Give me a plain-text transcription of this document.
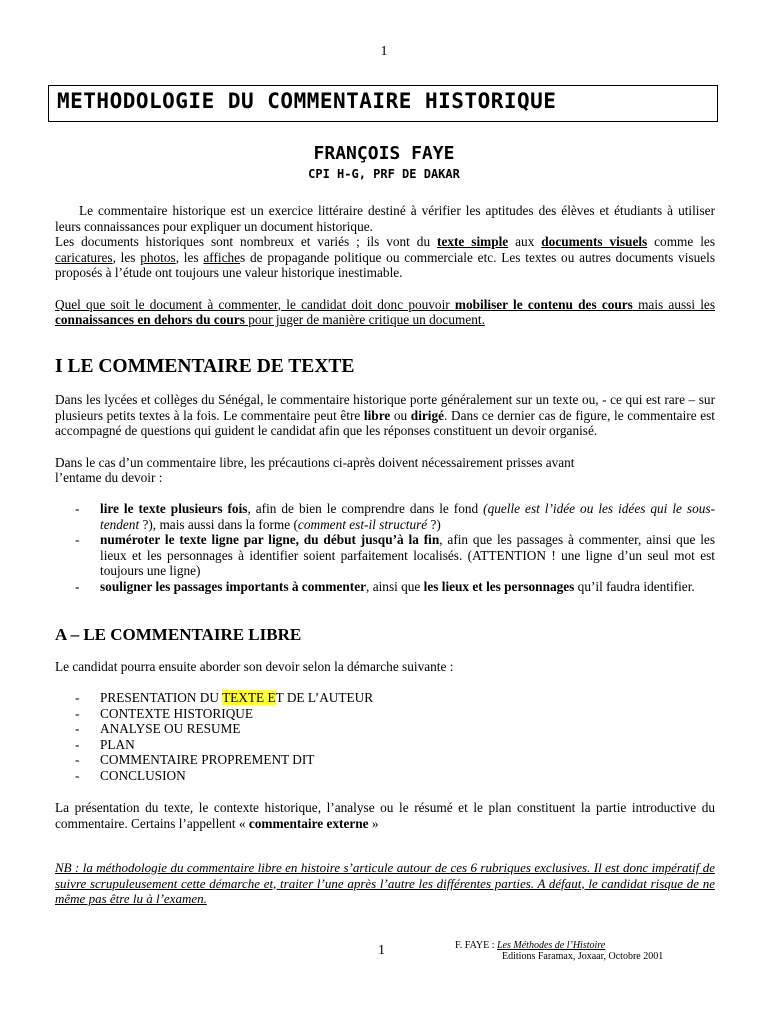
1
METHODOLOGIE DU COMMENTAIRE HISTORIQUE
FRANÇOIS FAYE
CPI H-G, PRF DE DAKAR

Le commentaire historique est un exercice littéraire destiné à vérifier les aptitudes des élèves et étudiants à utiliser leurs connaissances pour expliquer un document historique.

Les documents historiques sont nombreux et variés ; ils vont du texte simple aux documents visuels comme les caricatures, les photos, les affiches de propagande politique ou commerciale etc. Les textes ou autres documents visuels proposés à l’étude ont toujours une valeur historique inestimable.

Quel que soit le document à commenter, le candidat doit donc pouvoir mobiliser le contenu des cours mais aussi les connaissances en dehors du cours pour juger de manière critique un document.

I LE COMMENTAIRE DE TEXTE

Dans les lycées et collèges du Sénégal, le commentaire historique porte généralement sur un texte ou, - ce qui est rare – sur plusieurs petits textes à la fois. Le commentaire peut être libre ou dirigé. Dans ce dernier cas de figure, le commentaire est accompagné de questions qui guident le candidat afin que les réponses constituent un devoir organisé.

Dans le cas d’un commentaire libre, les précautions ci-après doivent nécessairement prisses avant

l’entame du devoir :

-	lire le texte plusieurs fois, afin de bien le comprendre dans le fond (quelle est l’idée ou les idées qui le sous-tendent ?), mais aussi dans la forme (comment est-il structuré ?)
-	numéroter le texte ligne par ligne, du début jusqu’à la fin, afin que les passages à commenter, ainsi que les lieux et les personnages à identifier soient parfaitement localisés. (ATTENTION ! une ligne d’un seul mot est toujours une ligne)
-	souligner les passages importants à commenter, ainsi que les lieux et les personnages qu’il faudra identifier.
A – LE COMMENTAIRE LIBRE
Le candidat pourra ensuite aborder son devoir selon la démarche suivante :
-	PRESENTATION DU TEXTE ET DE L’AUTEUR
-	CONTEXTE HISTORIQUE
-	ANALYSE OU RESUME
-	PLAN
-	COMMENTAIRE PROPREMENT DIT
-	CONCLUSION

La présentation du texte, le contexte historique, l’analyse ou le résumé et le plan constituent la partie introductive du commentaire. Certains l’appellent « commentaire externe »

NB : la méthodologie du commentaire libre en histoire s’articule autour de ces 6 rubriques exclusives. Il est donc impératif de suivre scrupuleusement cette démarche et, traiter l’une après l’autre les différentes parties. A défaut, le candidat risque de ne même pas être lu à l’examen.
1	F. FAYE : Les Méthodes de l’Histoire
Editions Faramax, Joxaar, Octobre 2001
